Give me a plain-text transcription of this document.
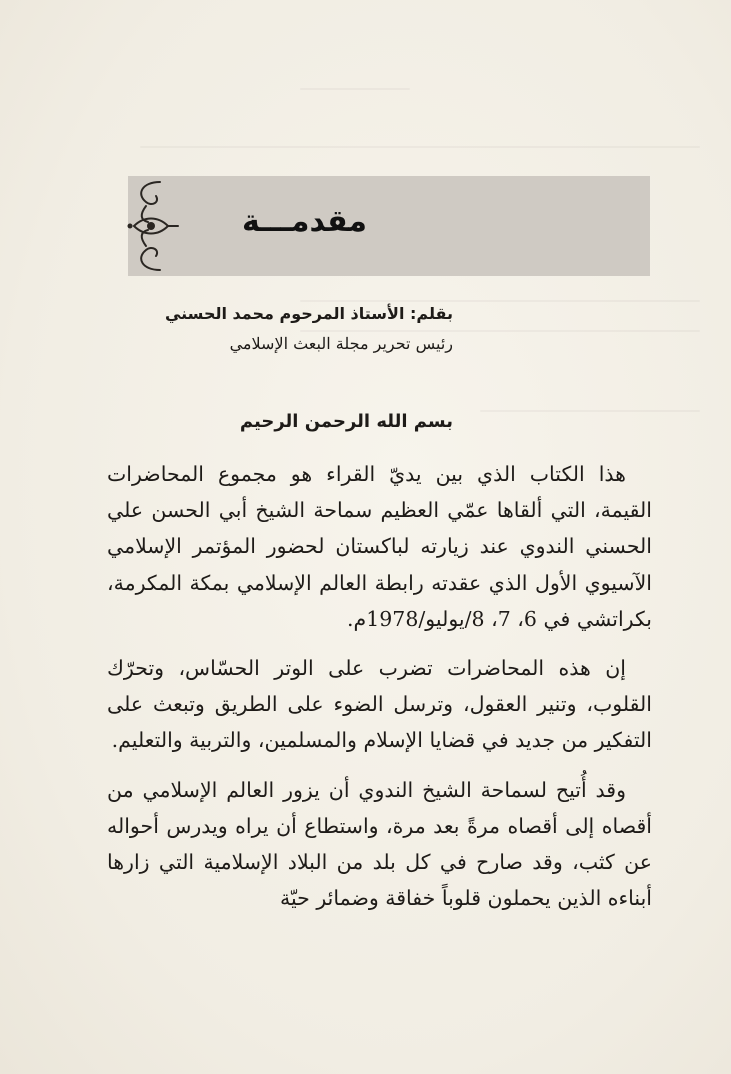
مقدمـــة
بقلم: الأستاذ المرحوم محمد الحسني
رئيس تحرير مجلة البعث الإسلامي
بسم الله الرحمن الرحيم

هذا الكتاب الذي بين يديّ القراء هو مجموع المحاضرات القيمة، التي ألقاها عمّي العظيم سماحة الشيخ أبي الحسن علي الحسني الندوي عند زيارته لباكستان لحضور المؤتمر الإسلامي الآسيوي الأول الذي عقدته رابطة العالم الإسلامي بمكة المكرمة، بكراتشي في 6، 7، 8/يوليو/1978م.

إن هذه المحاضرات تضرب على الوتر الحسّاس، وتحرّك القلوب، وتنير العقول، وترسل الضوء على الطريق وتبعث على التفكير من جديد في قضايا الإسلام والمسلمين، والتربية والتعليم.

وقد أُتيح لسماحة الشيخ الندوي أن يزور العالم الإسلامي من أقصاه إلى أقصاه مرةً بعد مرة، واستطاع أن يراه ويدرس أحواله عن كثب، وقد صارح في كل بلد من البلاد الإسلامية التي زارها أبناءه الذين يحملون قلوباً خفاقة وضمائر حيّة
